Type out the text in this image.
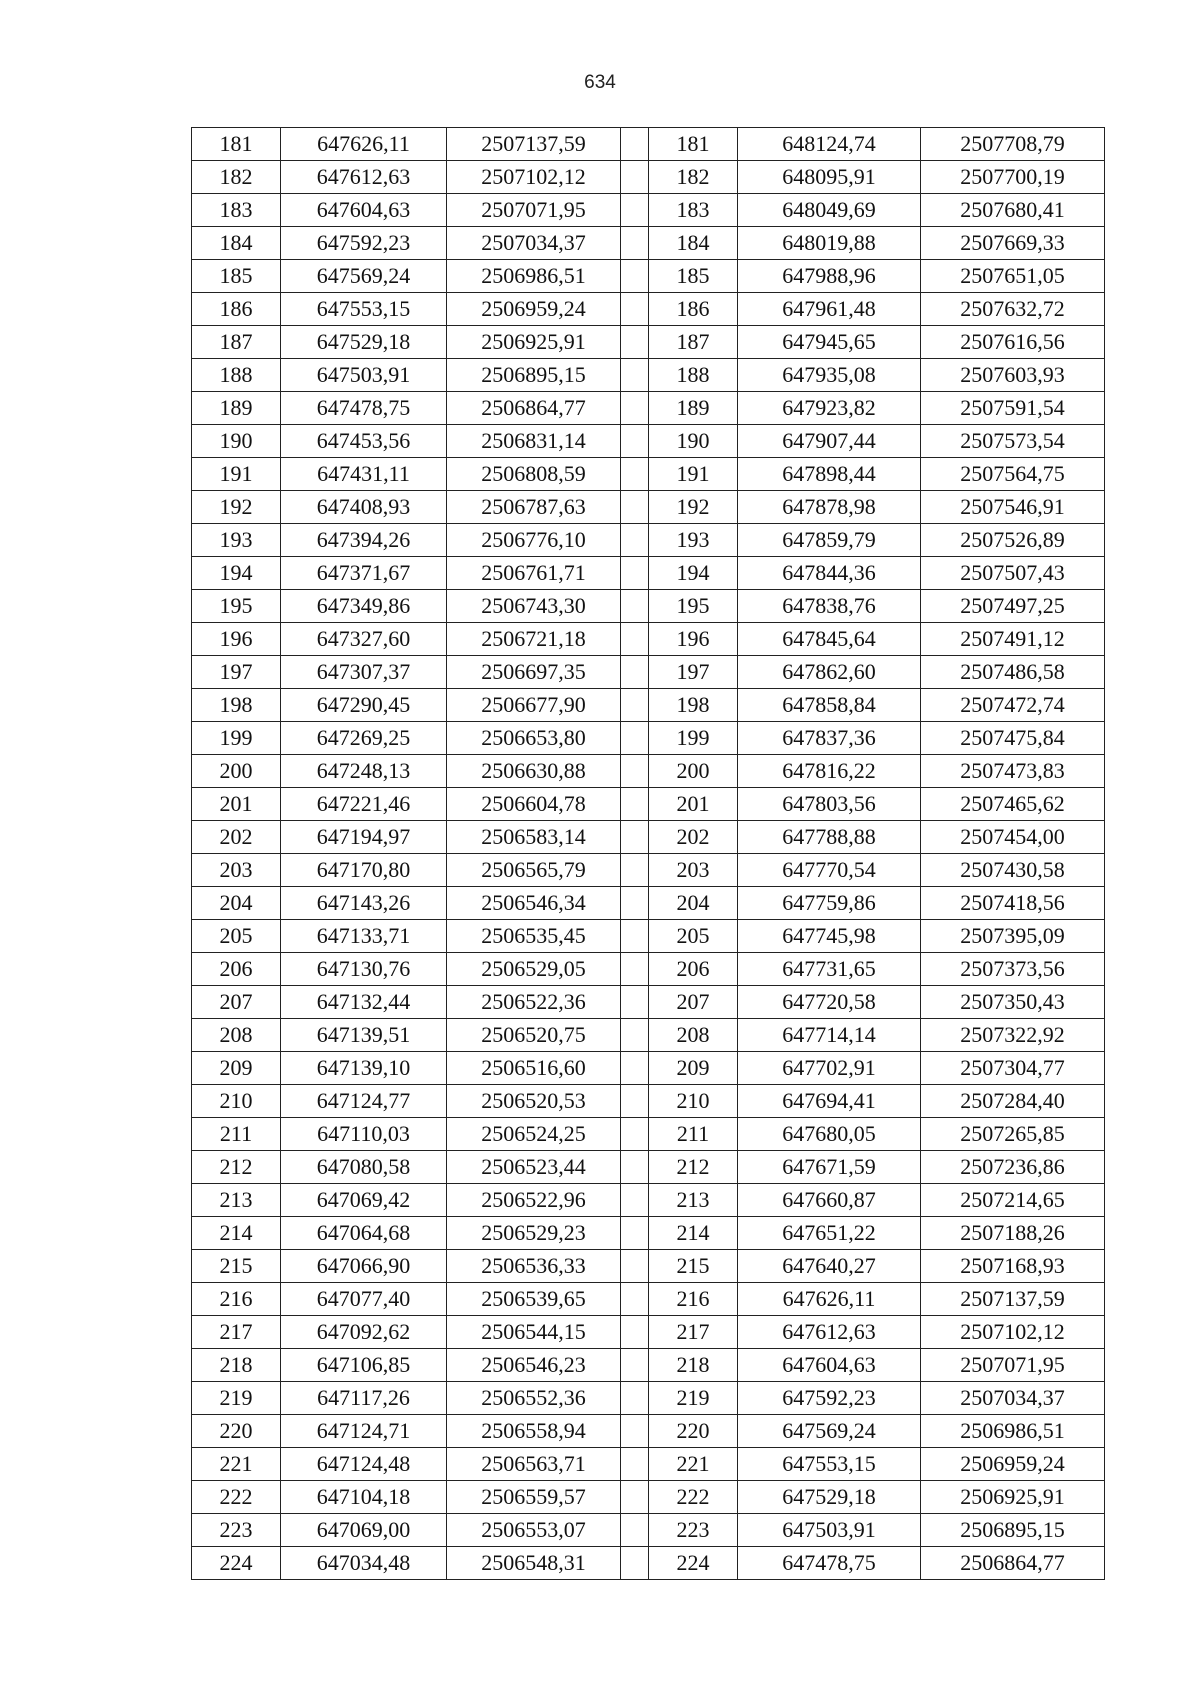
634
181	647626,11	2507137,59		181	648124,74	2507708,79
182	647612,63	2507102,12		182	648095,91	2507700,19
183	647604,63	2507071,95		183	648049,69	2507680,41
184	647592,23	2507034,37		184	648019,88	2507669,33
185	647569,24	2506986,51		185	647988,96	2507651,05
186	647553,15	2506959,24		186	647961,48	2507632,72
187	647529,18	2506925,91		187	647945,65	2507616,56
188	647503,91	2506895,15		188	647935,08	2507603,93
189	647478,75	2506864,77		189	647923,82	2507591,54
190	647453,56	2506831,14		190	647907,44	2507573,54
191	647431,11	2506808,59		191	647898,44	2507564,75
192	647408,93	2506787,63		192	647878,98	2507546,91
193	647394,26	2506776,10		193	647859,79	2507526,89
194	647371,67	2506761,71		194	647844,36	2507507,43
195	647349,86	2506743,30		195	647838,76	2507497,25
196	647327,60	2506721,18		196	647845,64	2507491,12
197	647307,37	2506697,35		197	647862,60	2507486,58
198	647290,45	2506677,90		198	647858,84	2507472,74
199	647269,25	2506653,80		199	647837,36	2507475,84
200	647248,13	2506630,88		200	647816,22	2507473,83
201	647221,46	2506604,78		201	647803,56	2507465,62
202	647194,97	2506583,14		202	647788,88	2507454,00
203	647170,80	2506565,79		203	647770,54	2507430,58
204	647143,26	2506546,34		204	647759,86	2507418,56
205	647133,71	2506535,45		205	647745,98	2507395,09
206	647130,76	2506529,05		206	647731,65	2507373,56
207	647132,44	2506522,36		207	647720,58	2507350,43
208	647139,51	2506520,75		208	647714,14	2507322,92
209	647139,10	2506516,60		209	647702,91	2507304,77
210	647124,77	2506520,53		210	647694,41	2507284,40
211	647110,03	2506524,25		211	647680,05	2507265,85
212	647080,58	2506523,44		212	647671,59	2507236,86
213	647069,42	2506522,96		213	647660,87	2507214,65
214	647064,68	2506529,23		214	647651,22	2507188,26
215	647066,90	2506536,33		215	647640,27	2507168,93
216	647077,40	2506539,65		216	647626,11	2507137,59
217	647092,62	2506544,15		217	647612,63	2507102,12
218	647106,85	2506546,23		218	647604,63	2507071,95
219	647117,26	2506552,36		219	647592,23	2507034,37
220	647124,71	2506558,94		220	647569,24	2506986,51
221	647124,48	2506563,71		221	647553,15	2506959,24
222	647104,18	2506559,57		222	647529,18	2506925,91
223	647069,00	2506553,07		223	647503,91	2506895,15
224	647034,48	2506548,31		224	647478,75	2506864,77
